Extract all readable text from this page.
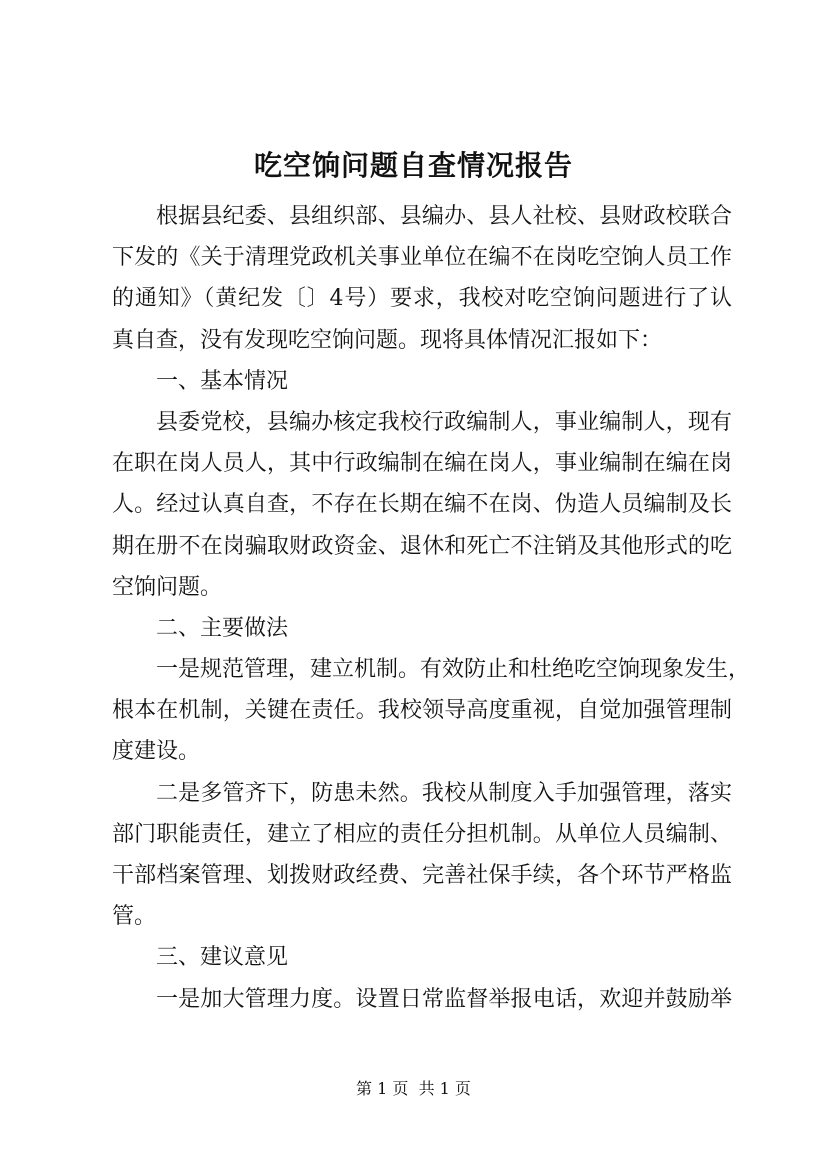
吃空饷问题自查情况报告
根据县纪委、县组织部、县编办、县人社校、县财政校联合
下发的《关于清理党政机关事业单位在编不在岗吃空饷人员工作
的通知》（黄纪发〔〕4号）要求，我校对吃空饷问题进行了认
真自查，没有发现吃空饷问题。现将具体情况汇报如下：
一、基本情况
县委党校，县编办核定我校行政编制人，事业编制人，现有
在职在岗人员人，其中行政编制在编在岗人，事业编制在编在岗
人。经过认真自查，不存在长期在编不在岗、伪造人员编制及长
期在册不在岗骗取财政资金、退休和死亡不注销及其他形式的吃
空饷问题。
二、主要做法
一是规范管理，建立机制。有效防止和杜绝吃空饷现象发生，
根本在机制，关键在责任。我校领导高度重视，自觉加强管理制
度建设。
二是多管齐下，防患未然。我校从制度入手加强管理，落实
部门职能责任，建立了相应的责任分担机制。从单位人员编制、
干部档案管理、划拨财政经费、完善社保手续，各个环节严格监
管。
三、建议意见
一是加大管理力度。设置日常监督举报电话，欢迎并鼓励举
第 1 页  共 1 页
